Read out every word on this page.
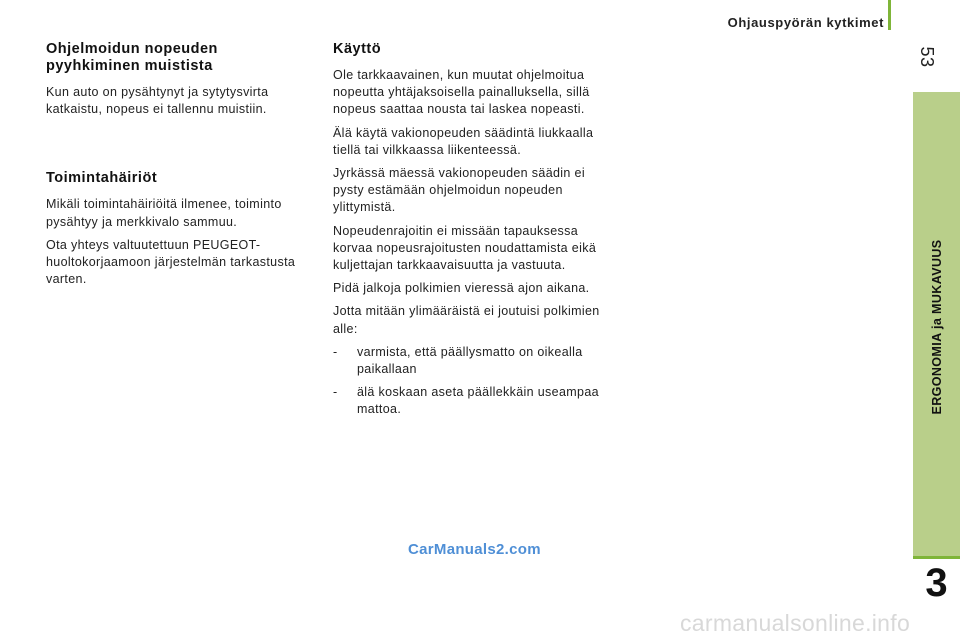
Ohjauspyörän kytkimet
53
ERGONOMIA ja MUKAVUUS
3
Ohjelmoidun nopeuden pyyhkiminen muistista

Kun auto on pysähtynyt ja sytytysvirta katkaistu, nopeus ei tallennu muistiin.

Toimintahäiriöt

Mikäli toimintahäiriöitä ilmenee, toiminto pysähtyy ja merkkivalo sammuu.

Ota yhteys valtuutettuun PEUGEOT-huoltokorjaamoon järjestelmän tarkastusta varten.

Käyttö

Ole tarkkaavainen, kun muutat ohjelmoitua nopeutta yhtäjaksoisella painalluksella, sillä nopeus saattaa nousta tai laskea nopeasti.

Älä käytä vakionopeuden säädintä liukkaalla tiellä tai vilkkaassa liikenteessä.

Jyrkässä mäessä vakionopeuden säädin ei pysty estämään ohjelmoidun nopeuden ylittymistä.

Nopeudenrajoitin ei missään tapauksessa korvaa nopeusrajoitusten noudattamista eikä kuljettajan tarkkaavaisuutta ja vastuuta.

Pidä jalkoja polkimien vieressä ajon aikana.

Jotta mitään ylimääräistä ei joutuisi polkimien alle:

-	varmista, että päällysmatto on oikealla paikallaan
-	älä koskaan aseta päällekkäin useampaa mattoa.
CarManuals2.com
carmanualsonline.info
